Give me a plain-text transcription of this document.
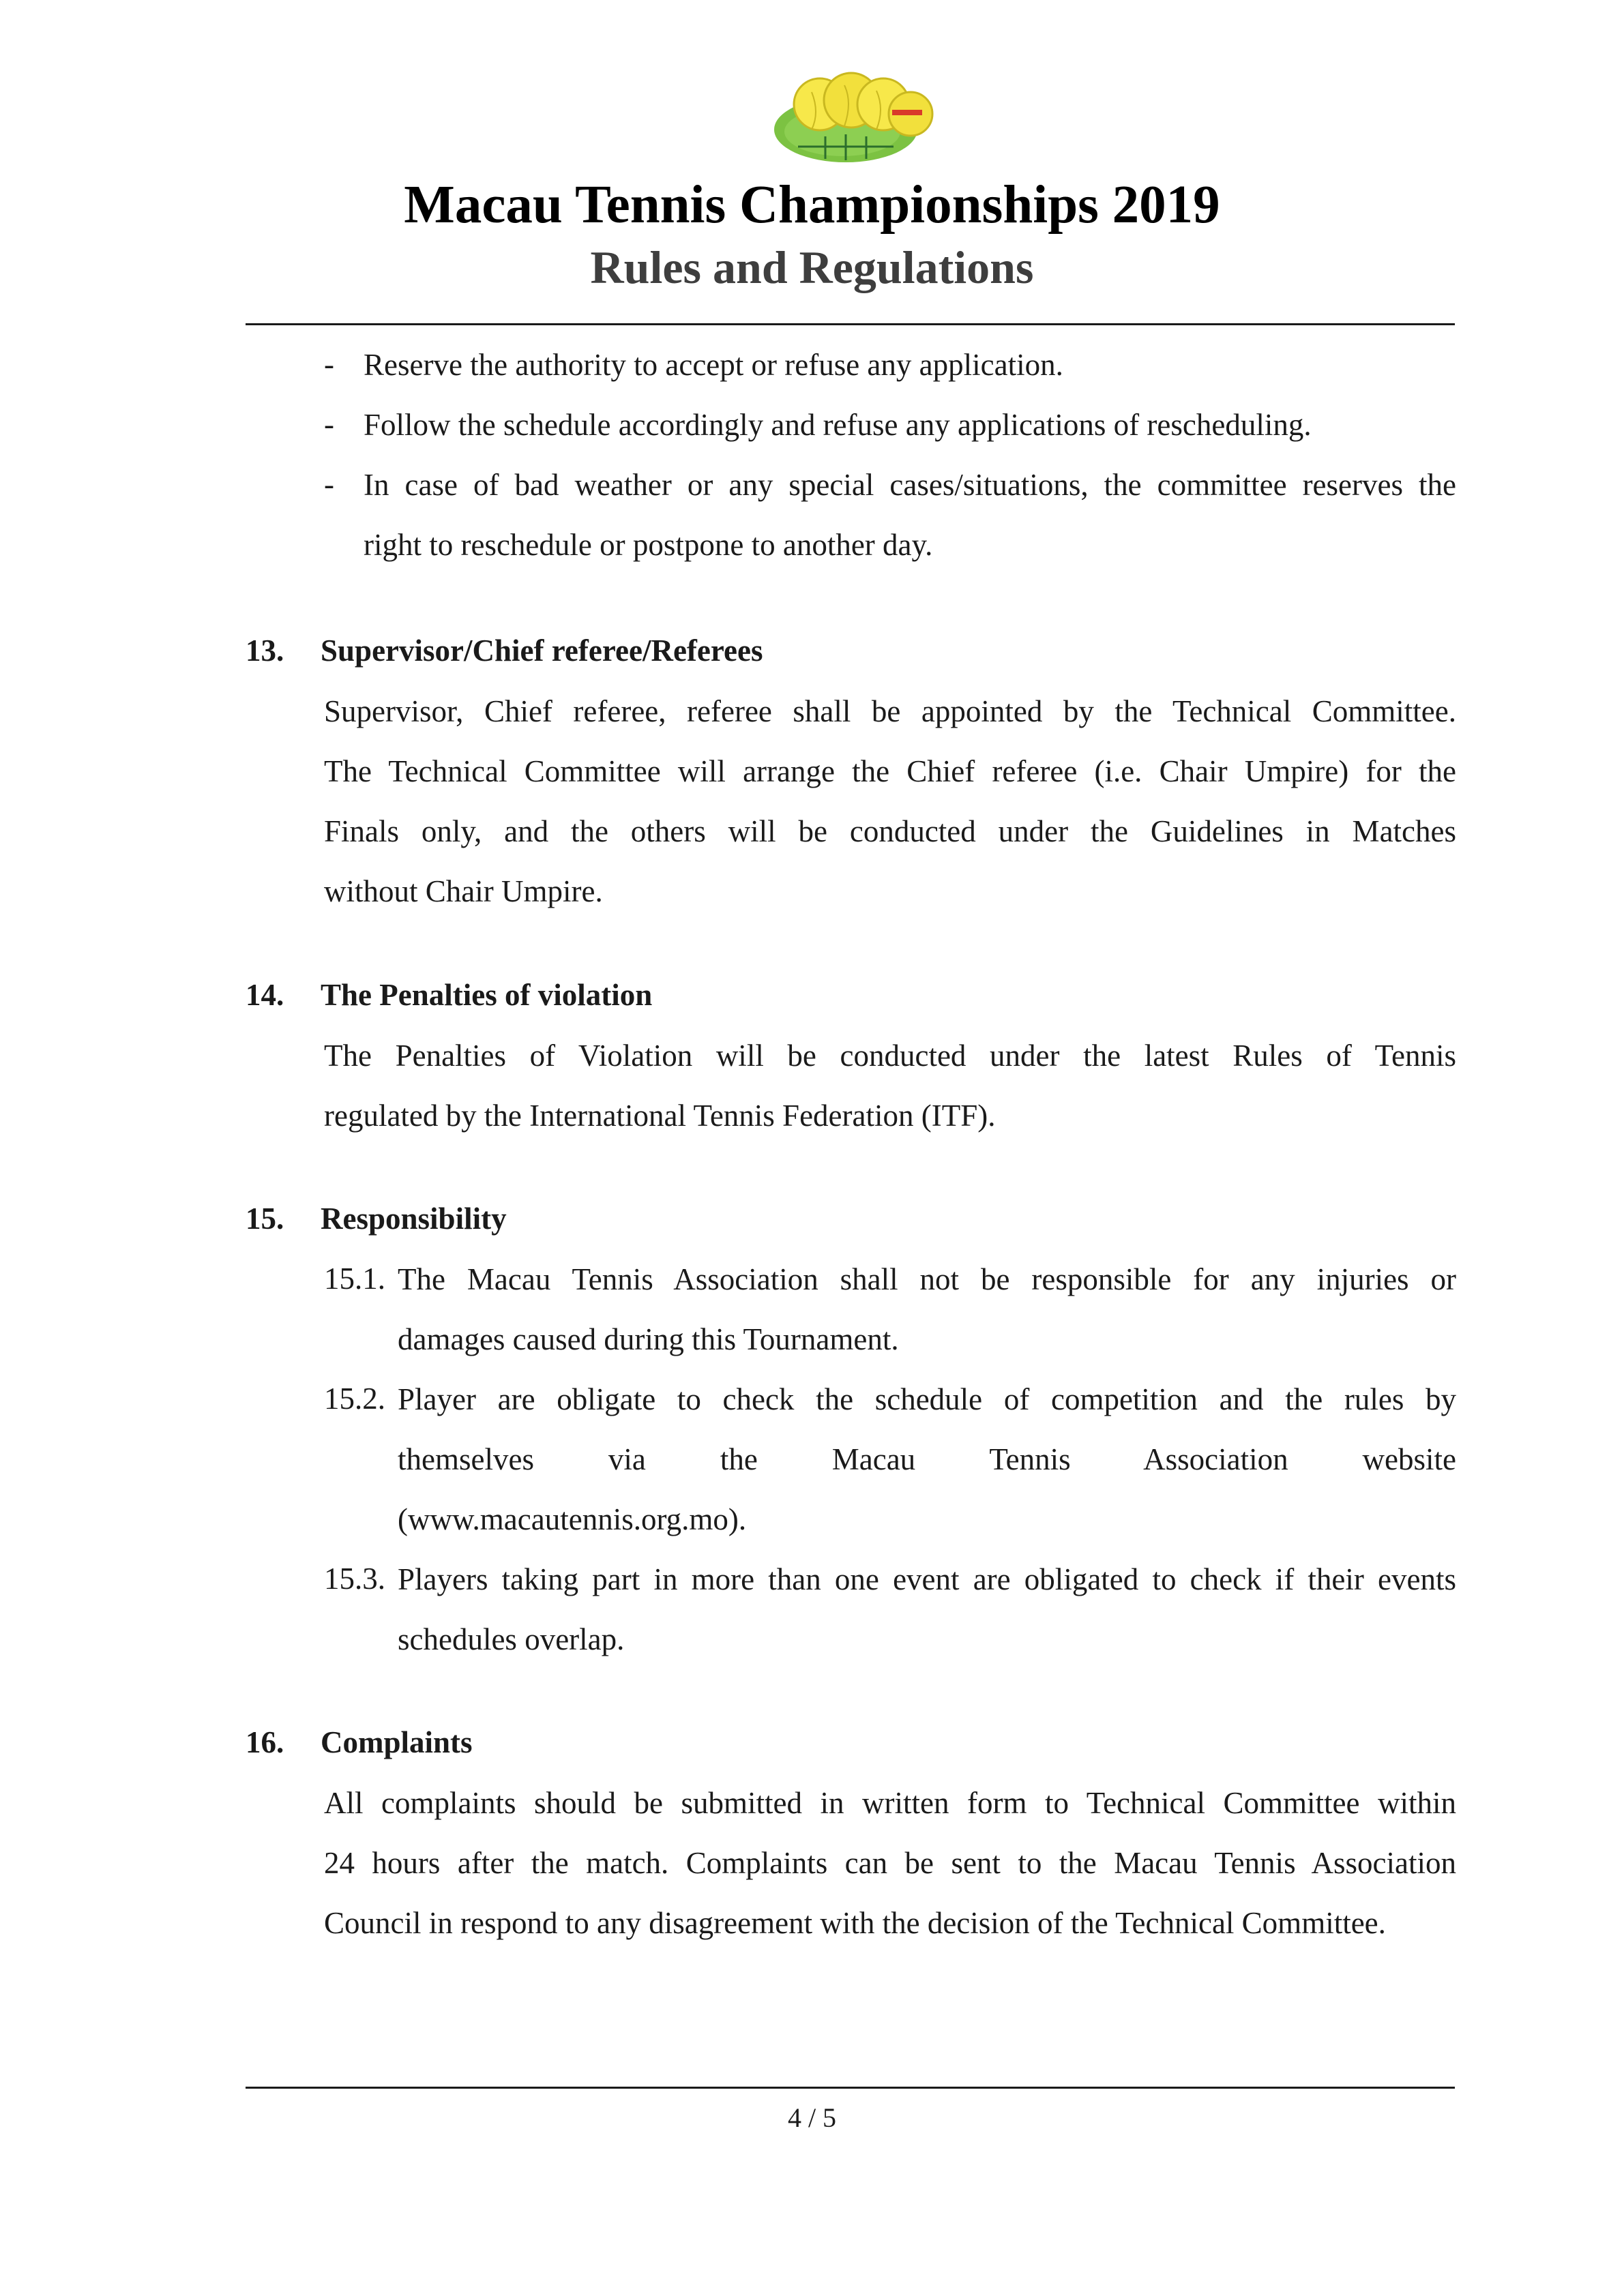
Macau Tennis Championships 2019
Rules and Regulations
- Reserve the authority to accept or refuse any application.
- Follow the schedule accordingly and refuse any applications of rescheduling.
- In case of bad weather or any special cases/situations, the committee reserves the
right to reschedule or postpone to another day.
13. Supervisor/Chief referee/Referees
Supervisor, Chief referee, referee shall be appointed by the Technical Committee.
The Technical Committee will arrange the Chief referee (i.e. Chair Umpire) for the
Finals only, and the others will be conducted under the Guidelines in Matches
without Chair Umpire.
14. The Penalties of violation
The Penalties of Violation will be conducted under the latest Rules of Tennis
regulated by the International Tennis Federation (ITF).
15. Responsibility
15.1. The Macau Tennis Association shall not be responsible for any injuries or
damages caused during this Tournament.
15.2. Player are obligate to check the schedule of competition and the rules by
themselves via the Macau Tennis Association website
(www.macautennis.org.mo).
15.3. Players taking part in more than one event are obligated to check if their events
schedules overlap.
16. Complaints
All complaints should be submitted in written form to Technical Committee within
24 hours after the match. Complaints can be sent to the Macau Tennis Association
Council in respond to any disagreement with the decision of the Technical Committee.
4 / 5
